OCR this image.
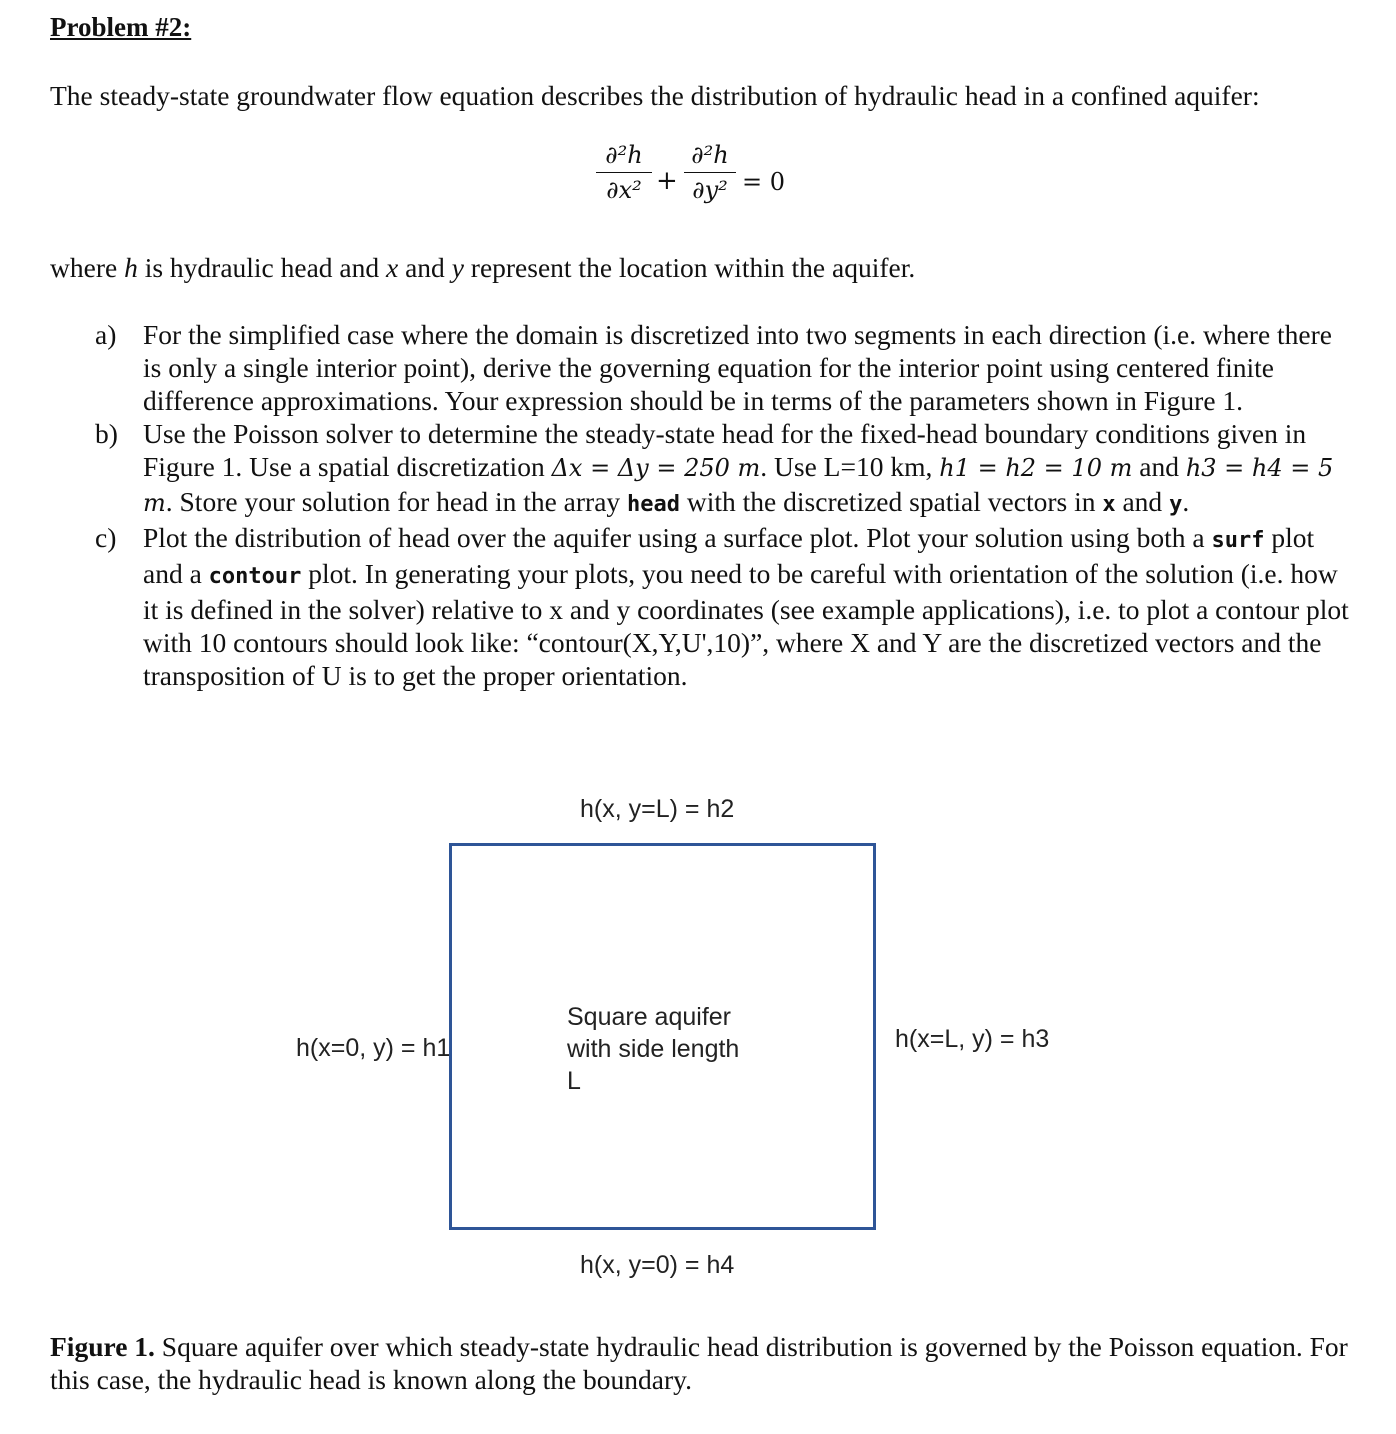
Problem #2:
The steady-state groundwater flow equation describes the distribution of hydraulic head in a confined aquifer:
∂²h
∂x² +
∂²h
∂y² = 0
where h is hydraulic head and x and y represent the location within the aquifer.
a) For the simplified case where the domain is discretized into two segments in each direction (i.e. where there is only a single interior point), derive the governing equation for the interior point using centered finite difference approximations. Your expression should be in terms of the parameters shown in Figure 1.
b) Use the Poisson solver to determine the steady-state head for the fixed-head boundary conditions given in Figure 1. Use a spatial discretization Δx = Δy = 250 m. Use L=10 km, h1 = h2 = 10 m and h3 = h4 = 5 m. Store your solution for head in the array head with the discretized spatial vectors in x and y.
c) Plot the distribution of head over the aquifer using a surface plot. Plot your solution using both a surf plot and a contour plot. In generating your plots, you need to be careful with orientation of the solution (i.e. how it is defined in the solver) relative to x and y coordinates (see example applications), i.e. to plot a contour plot with 10 contours should look like: “contour(X,Y,U',10)”, where X and Y are the discretized vectors and the transposition of U is to get the proper orientation.
h(x, y=L) = h2
h(x=0, y) = h1	h(x=L, y) = h3
Square aquifer
with side length
L
h(x, y=0) = h4
Figure 1. Square aquifer over which steady-state hydraulic head distribution is governed by the Poisson equation. For this case, the hydraulic head is known along the boundary.
